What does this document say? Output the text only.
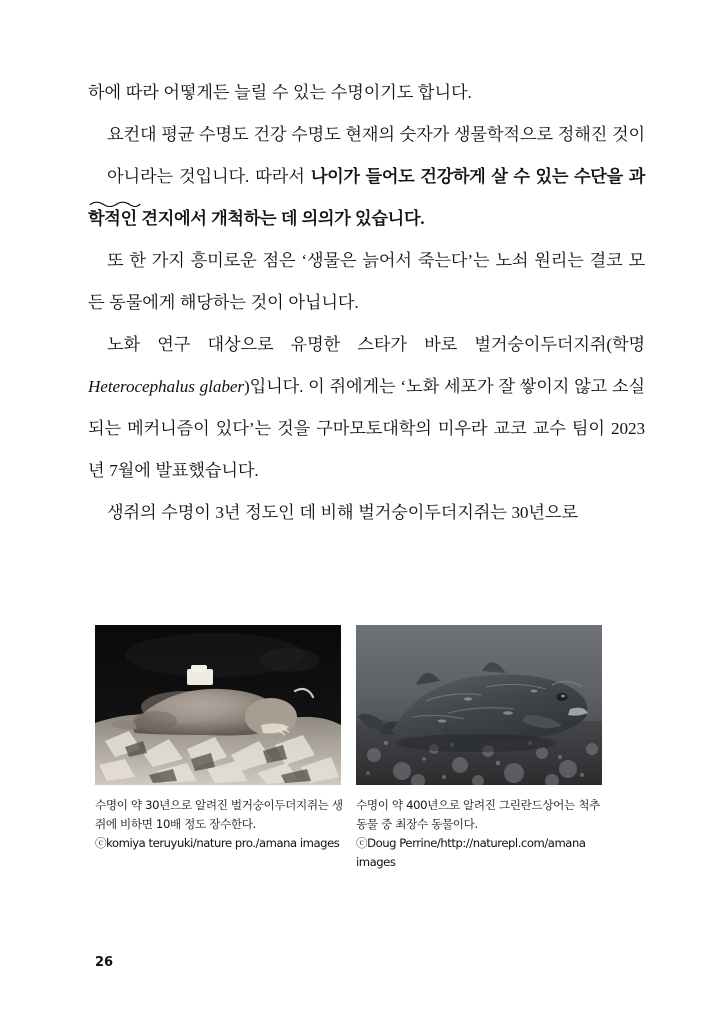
하에 따라 어떻게든 늘릴 수 있는 수명이기도 합니다.

요컨대 평균 수명도 건강 수명도 현재의 숫자가 생물학적으로 정해진 것이 아니
라는 것입니다. 따라서 나이가 들어도 건강하게 살 수 있는 수단을 과학적인 견지에서 개척하는 데 의의가 있습니다.

또 한 가지 흥미로운 점은 ‘생물은 늙어서 죽는다’는 노쇠 원리는 결코 모든 동물에게 해당하는 것이 아닙니다.

노화 연구 대상으로 유명한 스타가 바로 벌거숭이두더지쥐(학명 Heterocephalus glaber)입니다. 이 쥐에게는 ‘노화 세포가 잘 쌓이지 않고 소실되는 메커니즘이 있다’는 것을 구마모토대학의 미우라 교코 교수 팀이 2023년 7월에 발표했습니다.

생쥐의 수명이 3년 정도인 데 비해 벌거숭이두더지쥐는 30년으로

수명이 약 30년으로 알려진 벌거숭이두더지쥐는 생쥐에 비하면 10배 정도 장수한다.
ⓒkomiya teruyuki/nature pro./amana images
수명이 약 400년으로 알려진 그린란드상어는 척추동물 중 최장수 동물이다.
ⓒDoug Perrine/http://naturepl.com/amana images
26
